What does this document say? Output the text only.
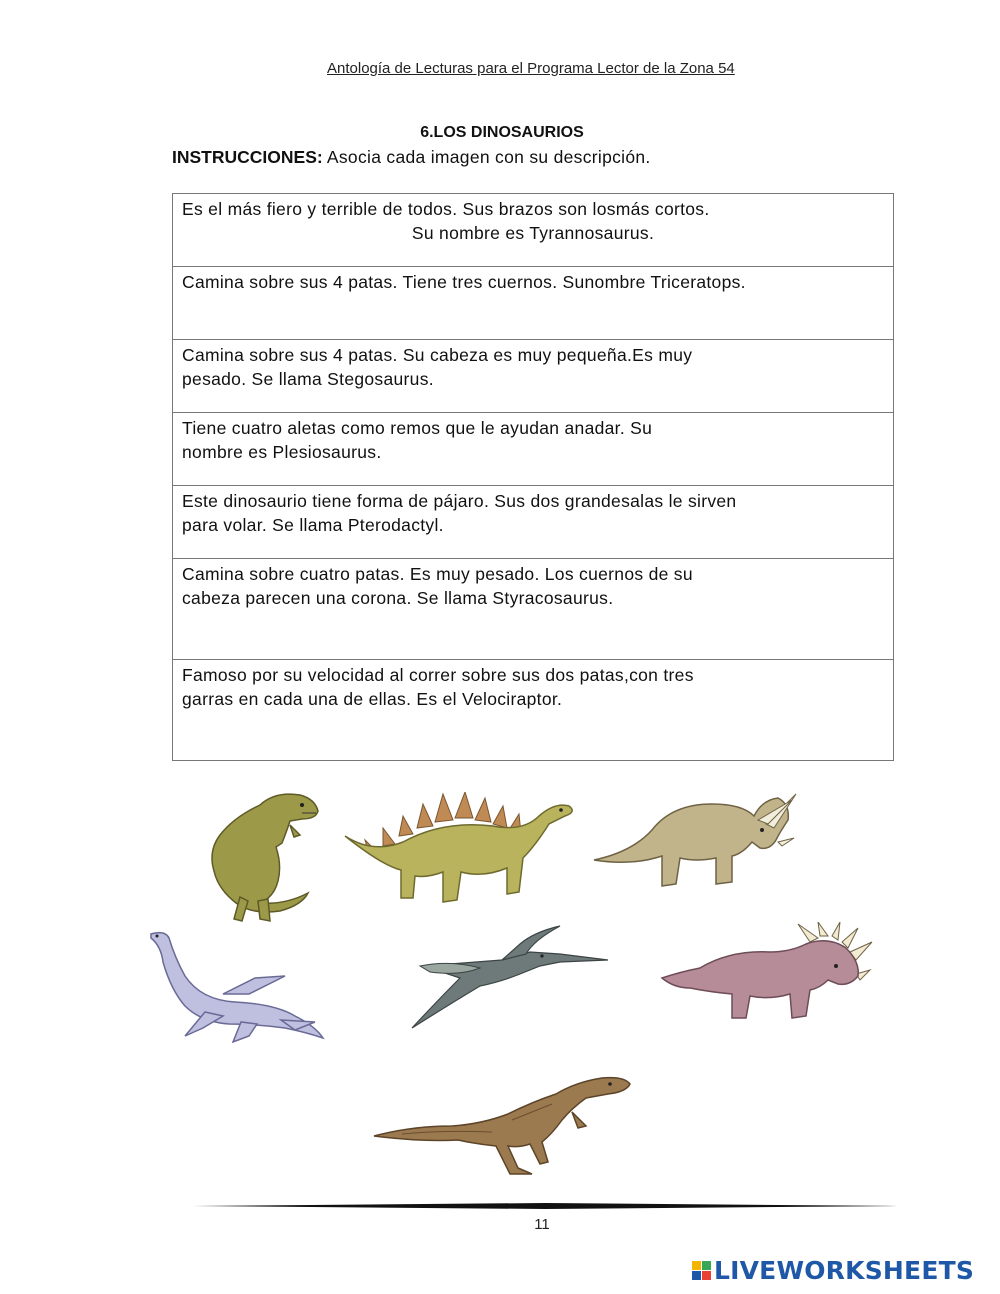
Antología de Lecturas para el Programa Lector de la Zona 54
6.LOS DINOSAURIOS
INSTRUCCIONES: Asocia cada imagen con su descripción.
Es el más fiero y terrible de todos. Sus brazos son losmás cortos.
Su nombre es Tyrannosaurus.

Camina sobre sus 4 patas. Tiene tres cuernos. Sunombre Triceratops.

Camina sobre sus 4 patas. Su cabeza es muy pequeña.Es muy
pesado. Se llama Stegosaurus.

Tiene cuatro aletas como remos que le ayudan anadar. Su
nombre es Plesiosaurus.

Este dinosaurio tiene forma de pájaro. Sus dos grandesalas le sirven
para volar. Se llama Pterodactyl.

Camina sobre cuatro patas. Es muy pesado. Los cuernos de su
cabeza parecen una corona. Se llama Styracosaurus.

Famoso por su velocidad al correr sobre sus dos patas,con tres
garras en cada una de ellas. Es el Velociraptor.
11
LIVEWORKSHEETS
